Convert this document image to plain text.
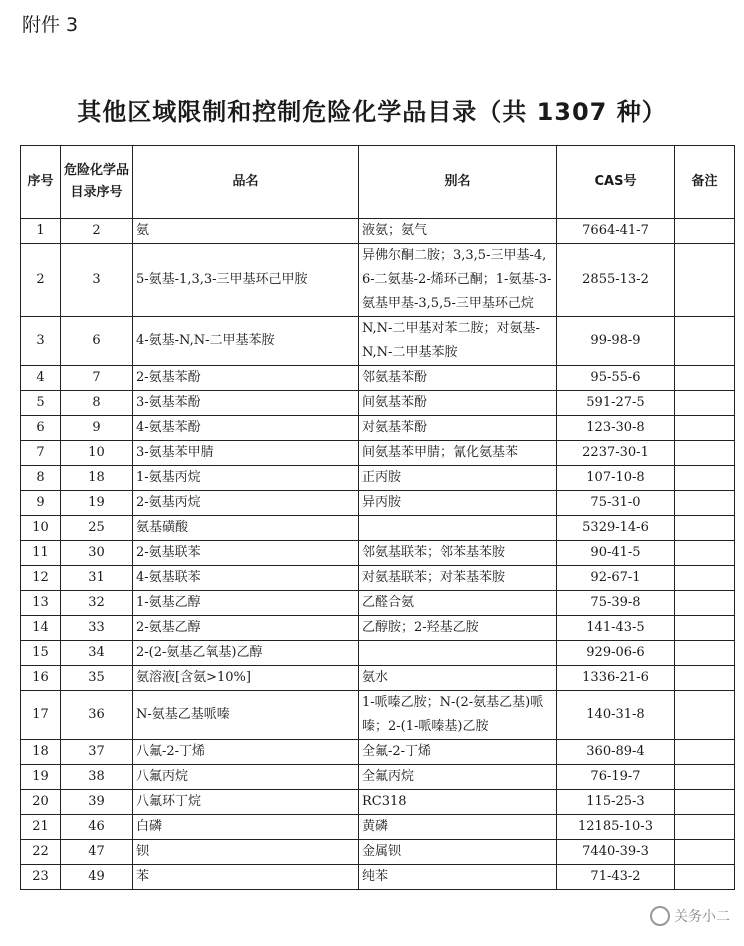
附件 3
其他区域限制和控制危险化学品目录（共 1307 种）
序号	危险化学品目录序号	品名	别名	CAS号	备注
1	2	氨	液氨；氨气	7664-41-7	
2	3	5-氨基-1,3,3-三甲基环己甲胺	异佛尔酮二胺；3,3,5-三甲基-4,6-二氨基-2-烯环己酮；1-氨基-3-氨基甲基-3,5,5-三甲基环己烷	2855-13-2	
3	6	4-氨基-N,N-二甲基苯胺	N,N-二甲基对苯二胺；对氨基-N,N-二甲基苯胺	99-98-9	
4	7	2-氨基苯酚	邻氨基苯酚	95-55-6	
5	8	3-氨基苯酚	间氨基苯酚	591-27-5	
6	9	4-氨基苯酚	对氨基苯酚	123-30-8	
7	10	3-氨基苯甲腈	间氨基苯甲腈；氰化氨基苯	2237-30-1	
8	18	1-氨基丙烷	正丙胺	107-10-8	
9	19	2-氨基丙烷	异丙胺	75-31-0	
10	25	氨基磺酸		5329-14-6	
11	30	2-氨基联苯	邻氨基联苯；邻苯基苯胺	90-41-5	
12	31	4-氨基联苯	对氨基联苯；对苯基苯胺	92-67-1	
13	32	1-氨基乙醇	乙醛合氨	75-39-8	
14	33	2-氨基乙醇	乙醇胺；2-羟基乙胺	141-43-5	
15	34	2-(2-氨基乙氧基)乙醇		929-06-6	
16	35	氨溶液[含氨>10%]	氨水	1336-21-6	
17	36	N-氨基乙基哌嗪	1-哌嗪乙胺；N-(2-氨基乙基)哌嗪；2-(1-哌嗪基)乙胺	140-31-8	
18	37	八氟-2-丁烯	全氟-2-丁烯	360-89-4	
19	38	八氟丙烷	全氟丙烷	76-19-7	
20	39	八氟环丁烷	RC318	115-25-3	
21	46	白磷	黄磷	12185-10-3	
22	47	钡	金属钡	7440-39-3	
23	49	苯	纯苯	71-43-2	
关务小二
